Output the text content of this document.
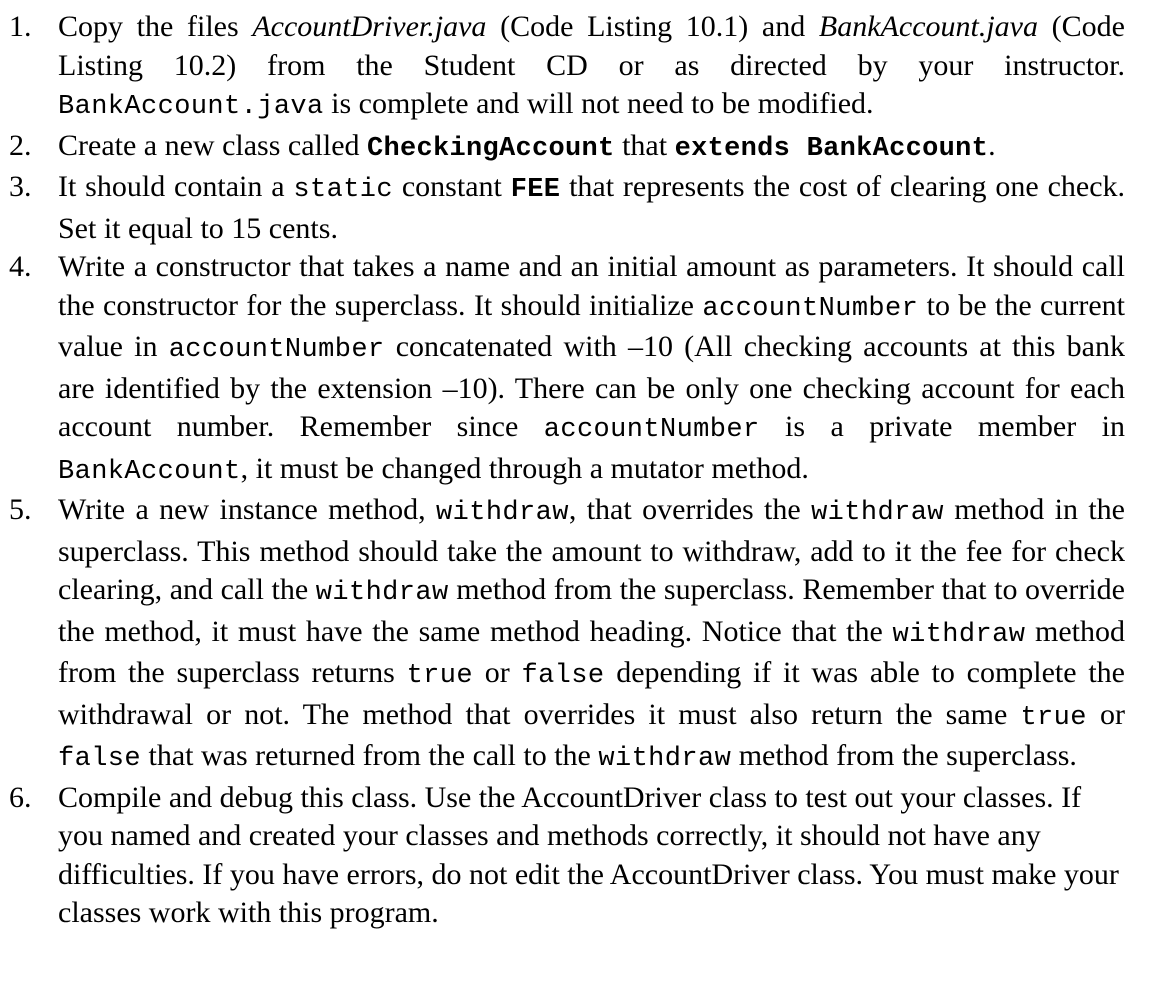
1. Copy the files AccountDriver.java (Code Listing 10.1) and BankAccount.java (Code Listing 10.2) from the Student CD or as directed by your instructor. BankAccount.java is complete and will not need to be modified.
2. Create a new class called CheckingAccount that extends BankAccount.
3. It should contain a static constant FEE that represents the cost of clearing one check. Set it equal to 15 cents.
4. Write a constructor that takes a name and an initial amount as parameters. It should call the constructor for the superclass. It should initialize accountNumber to be the current value in accountNumber concatenated with –10 (All checking accounts at this bank are identified by the extension –10). There can be only one checking account for each account number. Remember since accountNumber is a private member in BankAccount, it must be changed through a mutator method.
5. Write a new instance method, withdraw, that overrides the withdraw method in the superclass. This method should take the amount to withdraw, add to it the fee for check clearing, and call the withdraw method from the superclass. Remember that to override the method, it must have the same method heading. Notice that the withdraw method from the superclass returns true or false depending if it was able to complete the withdrawal or not. The method that overrides it must also return the same true or false that was returned from the call to the withdraw method from the superclass.
6. Compile and debug this class. Use the AccountDriver class to test out your classes. If you named and created your classes and methods correctly, it should not have any difficulties. If you have errors, do not edit the AccountDriver class. You must make your classes work with this program.
